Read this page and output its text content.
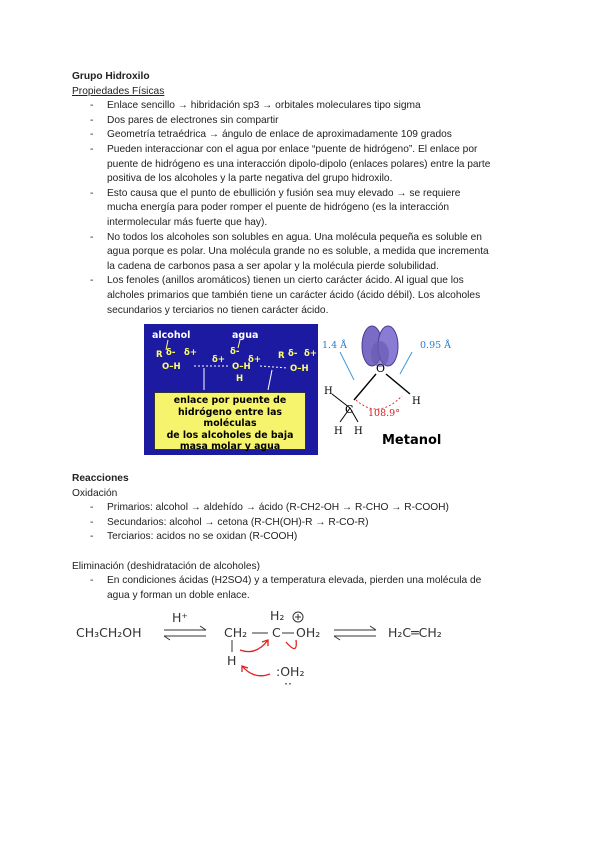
Grupo Hidroxilo
Propiedades Físicas
- Enlace sencillo → hibridación sp3 → orbitales moleculares tipo sigma
- Dos pares de electrones sin compartir
- Geometría tetraédrica → ángulo de enlace de aproximadamente 109 grados
- Pueden interaccionar con el agua por enlace “puente de hidrógeno”. El enlace por
puente de hidrógeno es una interacción dipolo-dipolo (enlaces polares) entre la parte
positiva de los alcoholes y la parte negativa del grupo hidroxilo.
- Esto causa que el punto de ebullición y fusión sea muy elevado → se requiere
mucha energía para poder romper el puente de hidrógeno (es la interacción
intermolecular más fuerte que hay).
- No todos los alcoholes son solubles en agua. Una molécula pequeña es soluble en
agua porque es polar. Una molécula grande no es soluble, a medida que incrementa
la cadena de carbonos pasa a ser apolar y la molécula pierde solubilidad.
- Los fenoles (anillos aromáticos) tienen un cierto carácter ácido. Al igual que los
alcholes primarios que también tiene un carácter ácido (ácido débil). Los alcoholes
secundarios y terciarios no tienen carácter ácido.
alcohol	agua
R δ- δ+
O–H
δ-
δ+	δ+
O–H
H
R δ- δ+
O–H
enlace por puente de
hidrógeno entre las moléculas
de los alcoholes de baja
masa molar y agua
O
C
H
H H
H
1.4 Å	0.95 Å
108.9°
Metanol
Reacciones
Oxidación
- Primarios: alcohol → aldehído → ácido (R-CH2-OH → R-CHO → R-COOH)
- Secundarios: alcohol → cetona (R-CH(OH)-R → R-CO-R)
- Terciarios: acidos no se oxidan (R-COOH)
Eliminación (deshidratación de alcoholes)
- En condiciones ácidas (H2SO4) y a temperatura elevada, pierden una molécula de
agua y forman un doble enlace.
CH₃CH₂OH
H⁺
CH₂
H₂
C OH₂
H
:OH₂
··
H₂C═CH₂
